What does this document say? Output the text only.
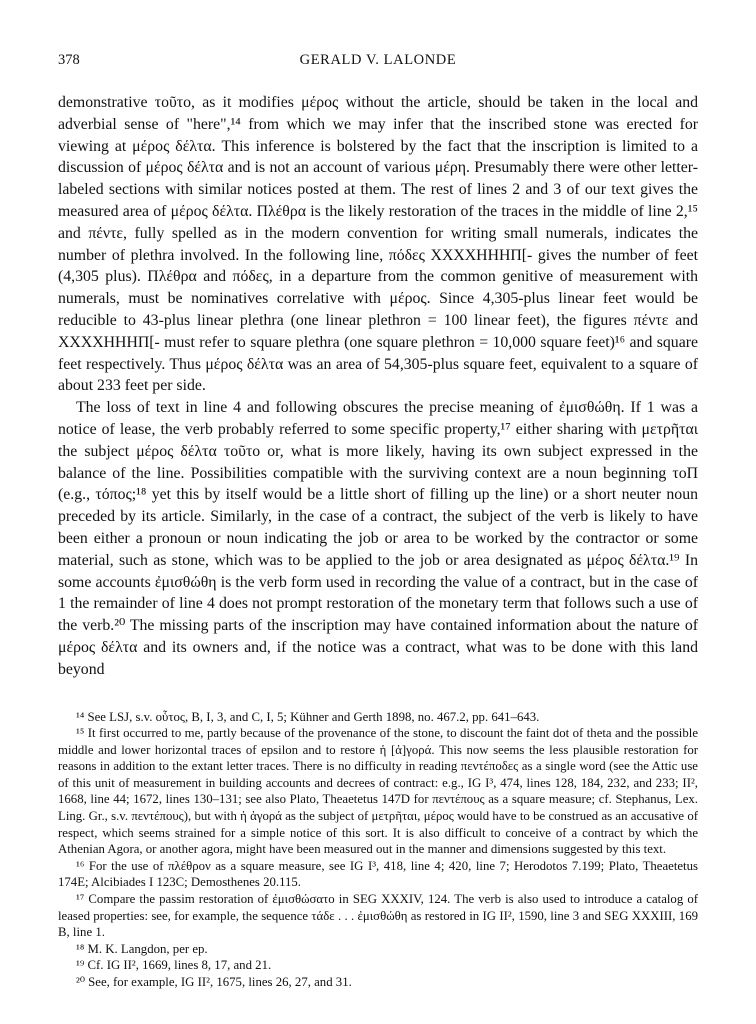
378	GERALD V. LALONDE

demonstrative τοῦτο, as it modifies μέρος without the article, should be taken in the local and adverbial sense of "here",¹⁴ from which we may infer that the inscribed stone was erected for viewing at μέρος δέλτα. This inference is bolstered by the fact that the inscription is limited to a discussion of μέρος δέλτα and is not an account of various μέρη. Presumably there were other letter-labeled sections with similar notices posted at them. The rest of lines 2 and 3 of our text gives the measured area of μέρος δέλτα. Πλέθρα is the likely restoration of the traces in the middle of line 2,¹⁵ and πέντε, fully spelled as in the modern convention for writing small numerals, indicates the number of plethra involved. In the following line, πόδες XXXXHHHΠ[- gives the number of feet (4,305 plus). Πλέθρα and πόδες, in a departure from the common genitive of measurement with numerals, must be nominatives correlative with μέρος. Since 4,305-plus linear feet would be reducible to 43-plus linear plethra (one linear plethron = 100 linear feet), the figures πέντε and XXXXHHHΠ[- must refer to square plethra (one square plethron = 10,000 square feet)¹⁶ and square feet respectively. Thus μέρος δέλτα was an area of 54,305-plus square feet, equivalent to a square of about 233 feet per side.

The loss of text in line 4 and following obscures the precise meaning of ἐμισθώθη. If 1 was a notice of lease, the verb probably referred to some specific property,¹⁷ either sharing with μετρῆται the subject μέρος δέλτα τοῦτο or, what is more likely, having its own subject expressed in the balance of the line. Possibilities compatible with the surviving context are a noun beginning τοΠ (e.g., τόπος;¹⁸ yet this by itself would be a little short of filling up the line) or a short neuter noun preceded by its article. Similarly, in the case of a contract, the subject of the verb is likely to have been either a pronoun or noun indicating the job or area to be worked by the contractor or some material, such as stone, which was to be applied to the job or area designated as μέρος δέλτα.¹⁹ In some accounts ἐμισθώθη is the verb form used in recording the value of a contract, but in the case of 1 the remainder of line 4 does not prompt restoration of the monetary term that follows such a use of the verb.²⁰ The missing parts of the inscription may have contained information about the nature of μέρος δέλτα and its owners and, if the notice was a contract, what was to be done with this land beyond

¹⁴ See LSJ, s.v. οὗτος, B, I, 3, and C, I, 5; Kühner and Gerth 1898, no. 467.2, pp. 641–643.

¹⁵ It first occurred to me, partly because of the provenance of the stone, to discount the faint dot of theta and the possible middle and lower horizontal traces of epsilon and to restore ἡ [ἀ]γορά. This now seems the less plausible restoration for reasons in addition to the extant letter traces. There is no difficulty in reading πεντέποδες as a single word (see the Attic use of this unit of measurement in building accounts and decrees of contract: e.g., IG I³, 474, lines 128, 184, 232, and 233; II², 1668, line 44; 1672, lines 130–131; see also Plato, Theaetetus 147D for πεντέπους as a square measure; cf. Stephanus, Lex. Ling. Gr., s.v. πεντέπους), but with ἡ ἀγορά as the subject of μετρῆται, μέρος would have to be construed as an accusative of respect, which seems strained for a simple notice of this sort. It is also difficult to conceive of a contract by which the Athenian Agora, or another agora, might have been measured out in the manner and dimensions suggested by this text.

¹⁶ For the use of πλέθρον as a square measure, see IG I³, 418, line 4; 420, line 7; Herodotos 7.199; Plato, Theaetetus 174E; Alcibiades I 123C; Demosthenes 20.115.

¹⁷ Compare the passim restoration of ἐμισθώσατο in SEG XXXIV, 124. The verb is also used to introduce a catalog of leased properties: see, for example, the sequence τάδε . . . ἐμισθώθη as restored in IG II², 1590, line 3 and SEG XXXIII, 169 B, line 1.

¹⁸ M. K. Langdon, per ep.

¹⁹ Cf. IG II², 1669, lines 8, 17, and 21.

²⁰ See, for example, IG II², 1675, lines 26, 27, and 31.
